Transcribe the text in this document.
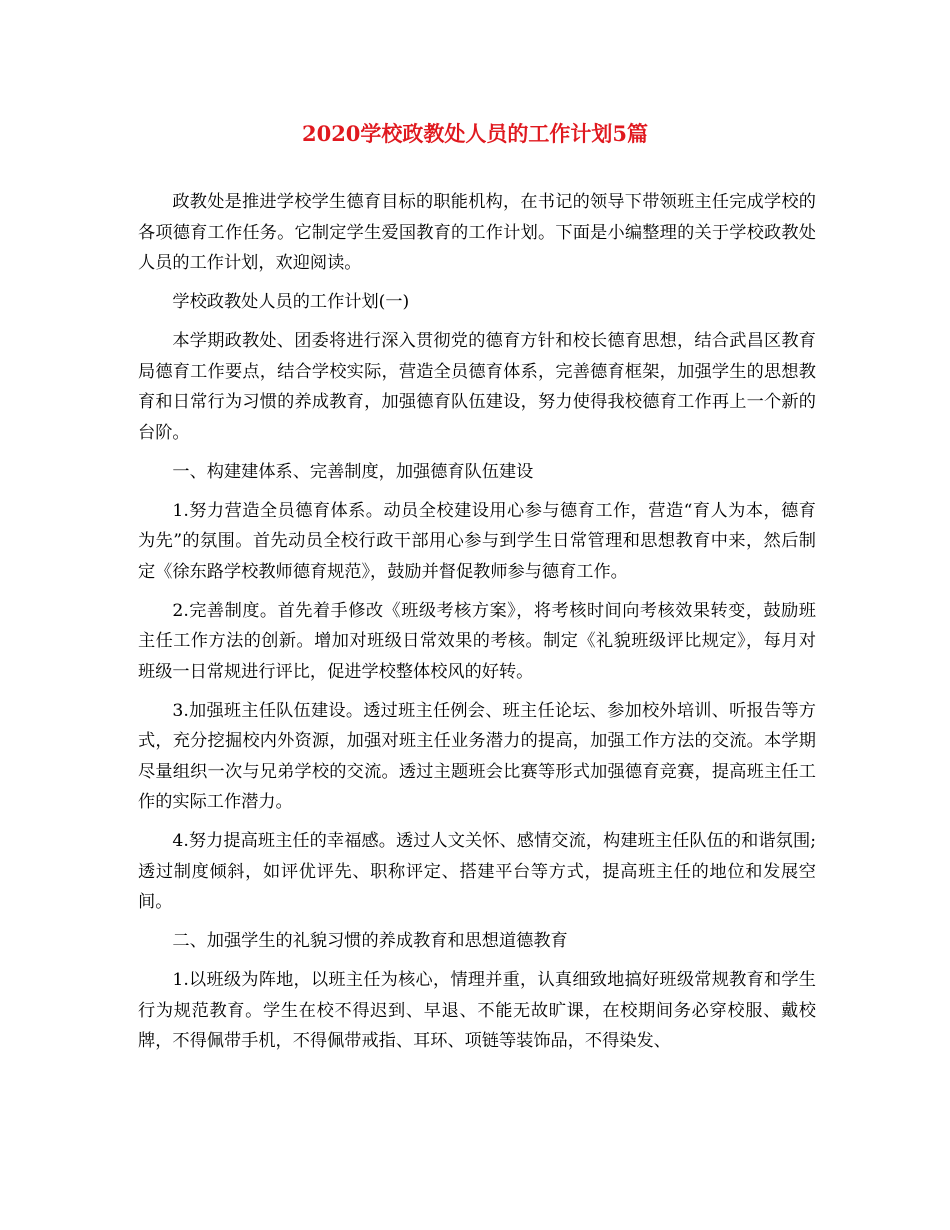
2020学校政教处人员的工作计划5篇

政教处是推进学校学生德育目标的职能机构，在书记的领导下带领班主任完成学校的各项德育工作任务。它制定学生爱国教育的工作计划。下面是小编整理的关于学校政教处人员的工作计划，欢迎阅读。

学校政教处人员的工作计划(一)

本学期政教处、团委将进行深入贯彻党的德育方针和校长德育思想，结合武昌区教育局德育工作要点，结合学校实际，营造全员德育体系，完善德育框架，加强学生的思想教育和日常行为习惯的养成教育，加强德育队伍建设，努力使得我校德育工作再上一个新的台阶。

一、构建建体系、完善制度，加强德育队伍建设

1.努力营造全员德育体系。动员全校建设用心参与德育工作，营造“育人为本，德育为先”的氛围。首先动员全校行政干部用心参与到学生日常管理和思想教育中来，然后制定《徐东路学校教师德育规范》，鼓励并督促教师参与德育工作。

2.完善制度。首先着手修改《班级考核方案》，将考核时间向考核效果转变，鼓励班主任工作方法的创新。增加对班级日常效果的考核。制定《礼貌班级评比规定》，每月对班级一日常规进行评比，促进学校整体校风的好转。

3.加强班主任队伍建设。透过班主任例会、班主任论坛、参加校外培训、听报告等方式，充分挖掘校内外资源，加强对班主任业务潜力的提高，加强工作方法的交流。本学期尽量组织一次与兄弟学校的交流。透过主题班会比赛等形式加强德育竞赛，提高班主任工作的实际工作潜力。

4.努力提高班主任的幸福感。透过人文关怀、感情交流，构建班主任队伍的和谐氛围;透过制度倾斜，如评优评先、职称评定、搭建平台等方式，提高班主任的地位和发展空间。

二、加强学生的礼貌习惯的养成教育和思想道德教育

1.以班级为阵地，以班主任为核心，情理并重，认真细致地搞好班级常规教育和学生行为规范教育。学生在校不得迟到、早退、不能无故旷课，在校期间务必穿校服、戴校牌，不得佩带手机，不得佩带戒指、耳环、项链等装饰品，不得染发、
